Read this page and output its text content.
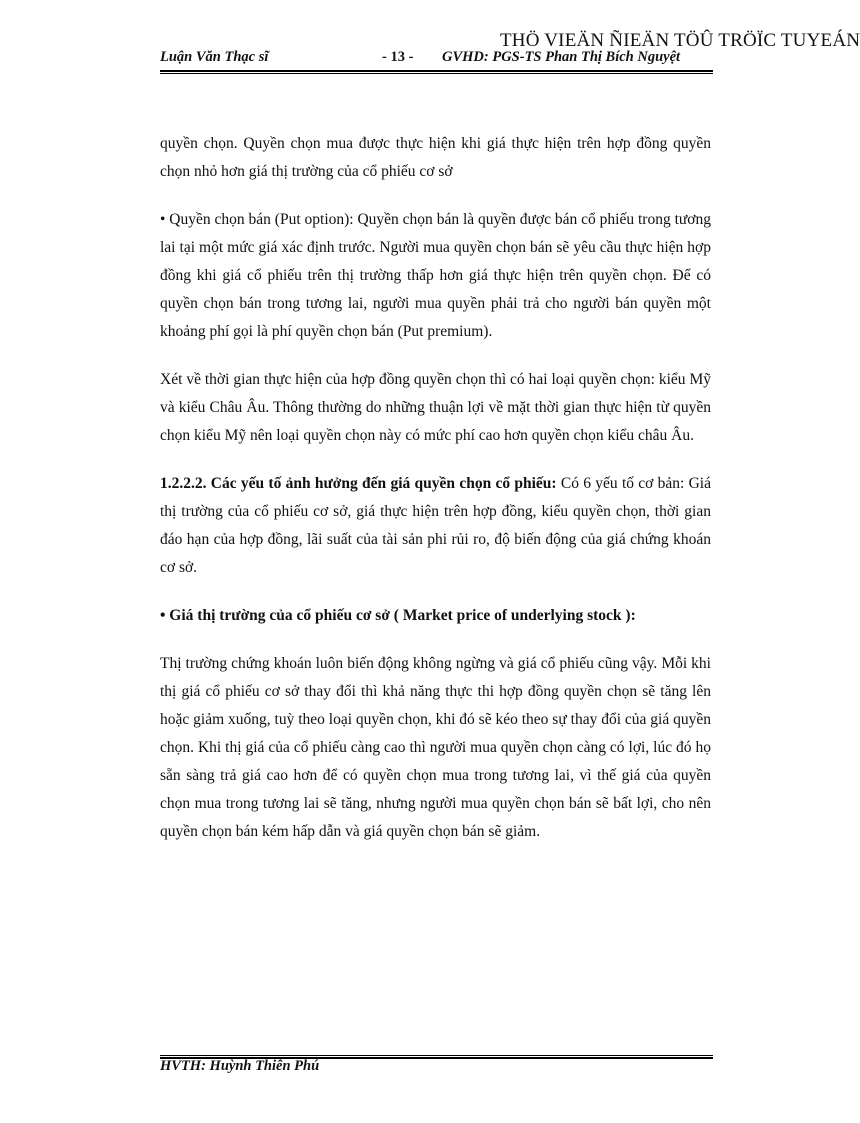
THÖ VIEÄN ÑIEÄN TÖÛ TRÖÏC TUYEÁN
Luận Văn Thạc sĩ	- 13 - GVHD: PGS-TS Phan Thị Bích Nguyệt

quyền chọn. Quyền chọn mua được thực hiện khi giá thực hiện trên hợp đồng quyền chọn nhỏ hơn giá thị trường của cổ phiếu cơ sở

• Quyền chọn bán (Put option): Quyền chọn bán là quyền được bán cổ phiếu trong tương lai tại một mức giá xác định trước. Người mua quyền chọn bán sẽ yêu cầu thực hiện hợp đồng khi giá cổ phiếu trên thị trường thấp hơn giá thực hiện trên quyền chọn. Để có quyền chọn bán trong tương lai, người mua quyền phải trả cho người bán quyền một khoảng phí gọi là phí quyền chọn bán (Put premium).

Xét về thời gian thực hiện của hợp đồng quyền chọn thì có hai loại quyền chọn: kiểu Mỹ và kiểu Châu Âu. Thông thường do những thuận lợi về mặt thời gian thực hiện từ quyền chọn kiểu Mỹ nên loại quyền chọn này có mức phí cao hơn quyền chọn kiểu châu Âu.

1.2.2.2. Các yếu tố ảnh hưởng đến giá quyền chọn cổ phiếu: Có 6 yếu tố cơ bản: Giá thị trường của cổ phiếu cơ sở, giá thực hiện trên hợp đồng, kiểu quyền chọn, thời gian đáo hạn của hợp đồng, lãi suất của tài sản phi rủi ro, độ biến động của giá chứng khoán cơ sở.

• Giá thị trường của cổ phiếu cơ sở ( Market price of underlying stock ):

Thị trường chứng khoán luôn biến động không ngừng và giá cổ phiếu cũng vậy. Mỗi khi thị giá cổ phiếu cơ sở thay đổi thì khả năng thực thi hợp đồng quyền chọn sẽ tăng lên hoặc giảm xuống, tuỳ theo loại quyền chọn, khi đó sẽ kéo theo sự thay đổi của giá quyền chọn. Khi thị giá của cổ phiếu càng cao thì người mua quyền chọn càng có lợi, lúc đó họ sẵn sàng trả giá cao hơn để có quyền chọn mua trong tương lai, vì thế giá của quyền chọn mua trong tương lai sẽ tăng, nhưng người mua quyền chọn bán sẽ bất lợi, cho nên quyền chọn bán kém hấp dẫn và giá quyền chọn bán sẽ giảm.

HVTH: Huỳnh Thiên Phú
